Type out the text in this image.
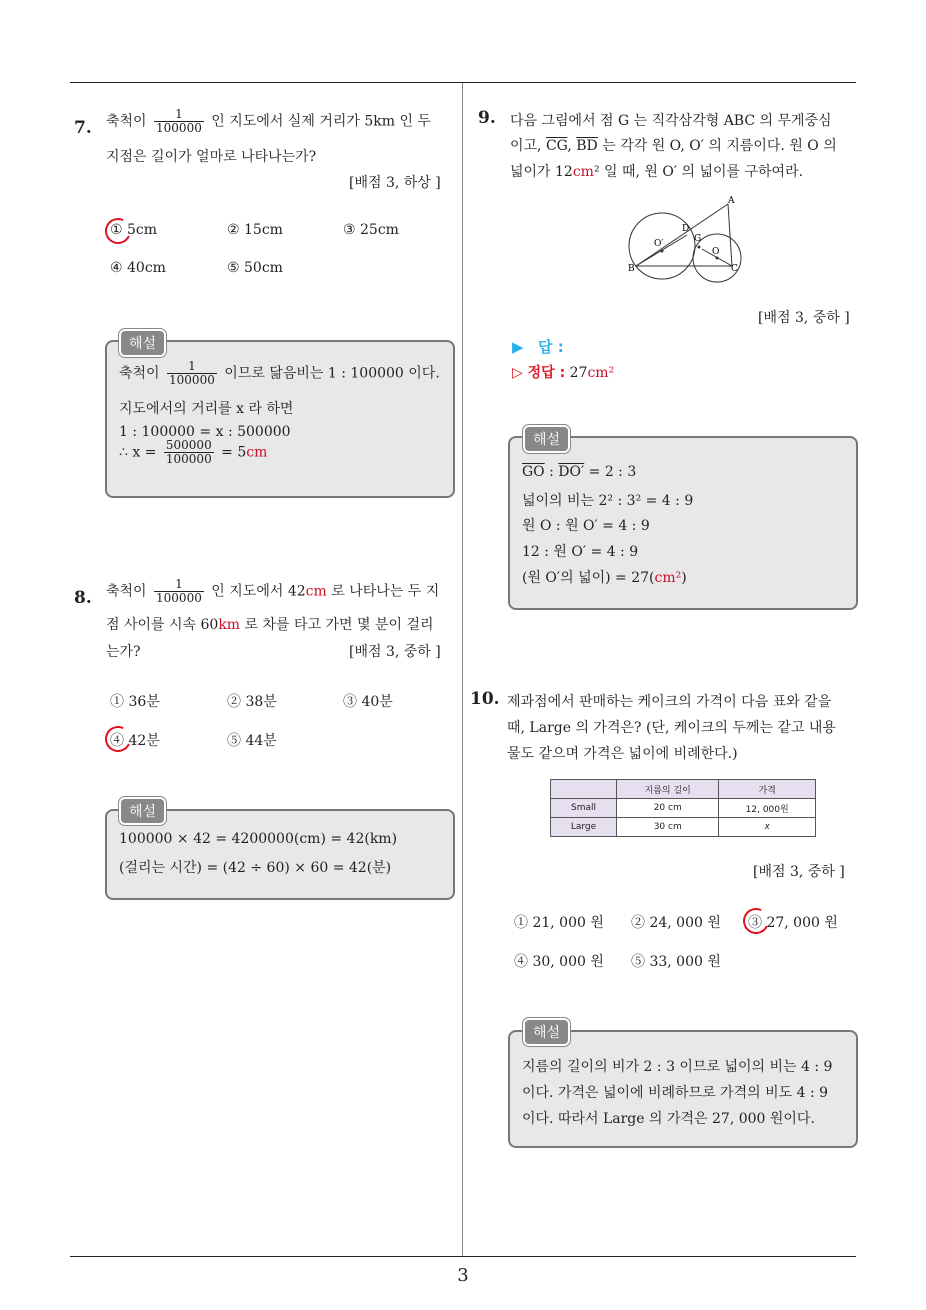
3
7. 축척이 $\frac{1}{100000}$ 인 지도에서 실제 거리가 5km 인 두
지점은 길이가 얼마로 나타나는가?
[배점 3, 하상 ]
① 5cm	② 15cm	③ 25cm
④ 40cm	⑤ 50cm
축척이 $\frac{1}{100000}$ 이므로 닮음비는 1 : 100000 이다.
지도에서의 거리를 x 라 하면
1 : 100000 = x : 500000
∴ $x = \frac{500000}{100000} = 5cm$
해설
8. 축척이 $\frac{1}{100000}$ 인 지도에서 42cm 로 나타나는 두 지
점 사이를 시속 60km 로 차를 타고 가면 몇 분이 걸리
는가?	[배점 3, 중하 ]
① 36분	② 38분	③ 40분
④ 42분	⑤ 44분
100000 × 42 = 4200000(cm) = 42(km)
(걸리는 시간) = (42 ÷ 60) × 60 = 42(분)
해설
9. 다음 그림에서 점 G 는 직각삼각형 ABC 의 무게중심
이고, $\overline{CG}$, $\overline{BD}$ 는 각각 원 O, O′ 의 지름이다. 원 O 의
넓이가 12cm² 일 때, 원 O′ 의 넓이를 구하여라.
A
B	C
D
G
O
O′
[배점 3, 중하 ]
▶ 답 :
▷ 정답 : 27cm²
$\overline{GO}$ : DO′ = 2 : 3
넓이의 비는 2² : 3² = 4 : 9
원 O : 원 O′ = 4 : 9
12 : 원 O′ = 4 : 9
(원 O′의 넓이) = 27(cm²)
해설
10. 제과점에서 판매하는 케이크의 가격이 다음 표와 같을
때, Large 의 가격은? (단, 케이크의 두께는 같고 내용
물도 같으며 가격은 넓이에 비례한다.)
	지름의 길이	가격
Small	20 cm	12, 000원
Large	30 cm	x
[배점 3, 중하 ]
① 21, 000 원 ② 24, 000 원 ③ 27, 000 원
④ 30, 000 원 ⑤ 33, 000 원
지름의 길이의 비가 2 : 3 이므로 넓이의 비는 4 : 9
이다. 가격은 넓이에 비례하므로 가격의 비도 4 : 9
이다. 따라서 Large 의 가격은 27, 000 원이다.
해설
